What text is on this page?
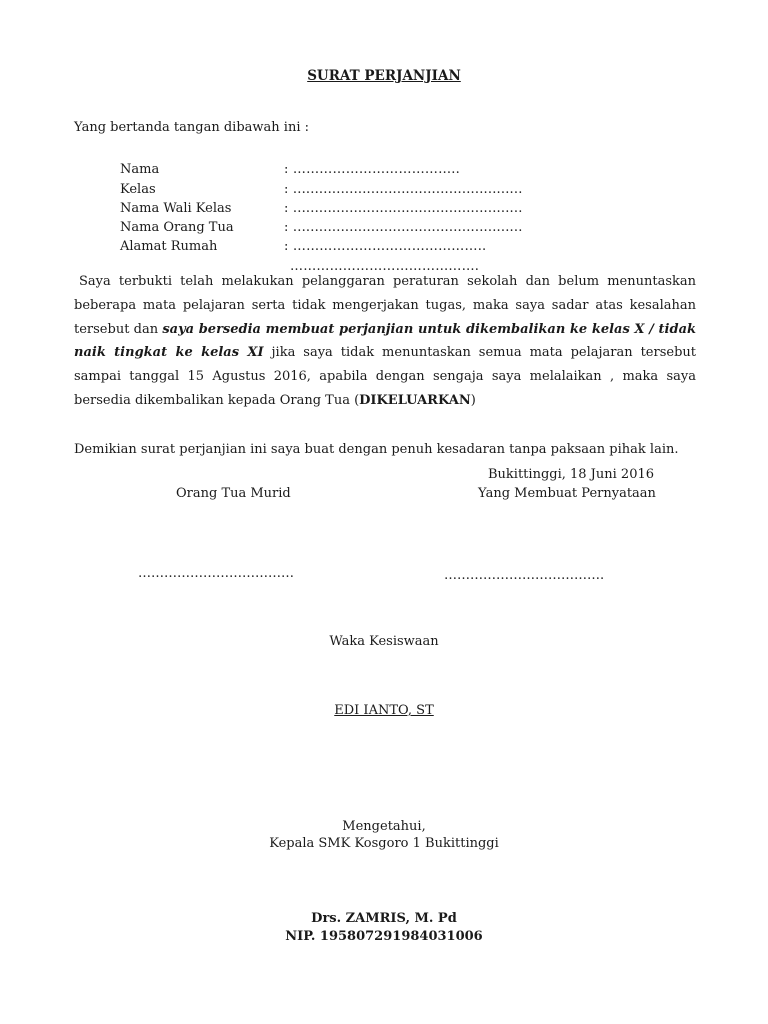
SURAT PERJANJIAN
Yang bertanda tangan dibawah ini :
Nama	: ………………………………..
Kelas	: .....................................................
Nama Wali Kelas	: .....................................................
Nama Orang Tua	: .....................................................
Alamat Rumah	: ……………………………………..
…………………………………….
Saya terbukti telah melakukan pelanggaran peraturan sekolah dan belum menuntaskan beberapa mata pelajaran serta tidak mengerjakan tugas, maka saya sadar atas kesalahan tersebut dan saya bersedia membuat perjanjian untuk dikembalikan ke kelas X / tidak naik tingkat ke kelas XI jika saya tidak menuntaskan semua mata pelajaran tersebut sampai tanggal 15 Agustus 2016, apabila dengan sengaja saya melalaikan , maka saya bersedia dikembalikan kepada Orang Tua (DIKELUARKAN)
Demikian surat perjanjian ini saya buat dengan penuh kesadaran tanpa paksaan pihak lain.
Bukittinggi, 18 Juni 2016
Orang Tua Murid	Yang Membuat Pernyataan
………………………………	……………………………….
Waka Kesiswaan
EDI IANTO, ST
Mengetahui,
Kepala SMK Kosgoro 1 Bukittinggi
Drs. ZAMRIS, M. Pd
NIP. 195807291984031006
